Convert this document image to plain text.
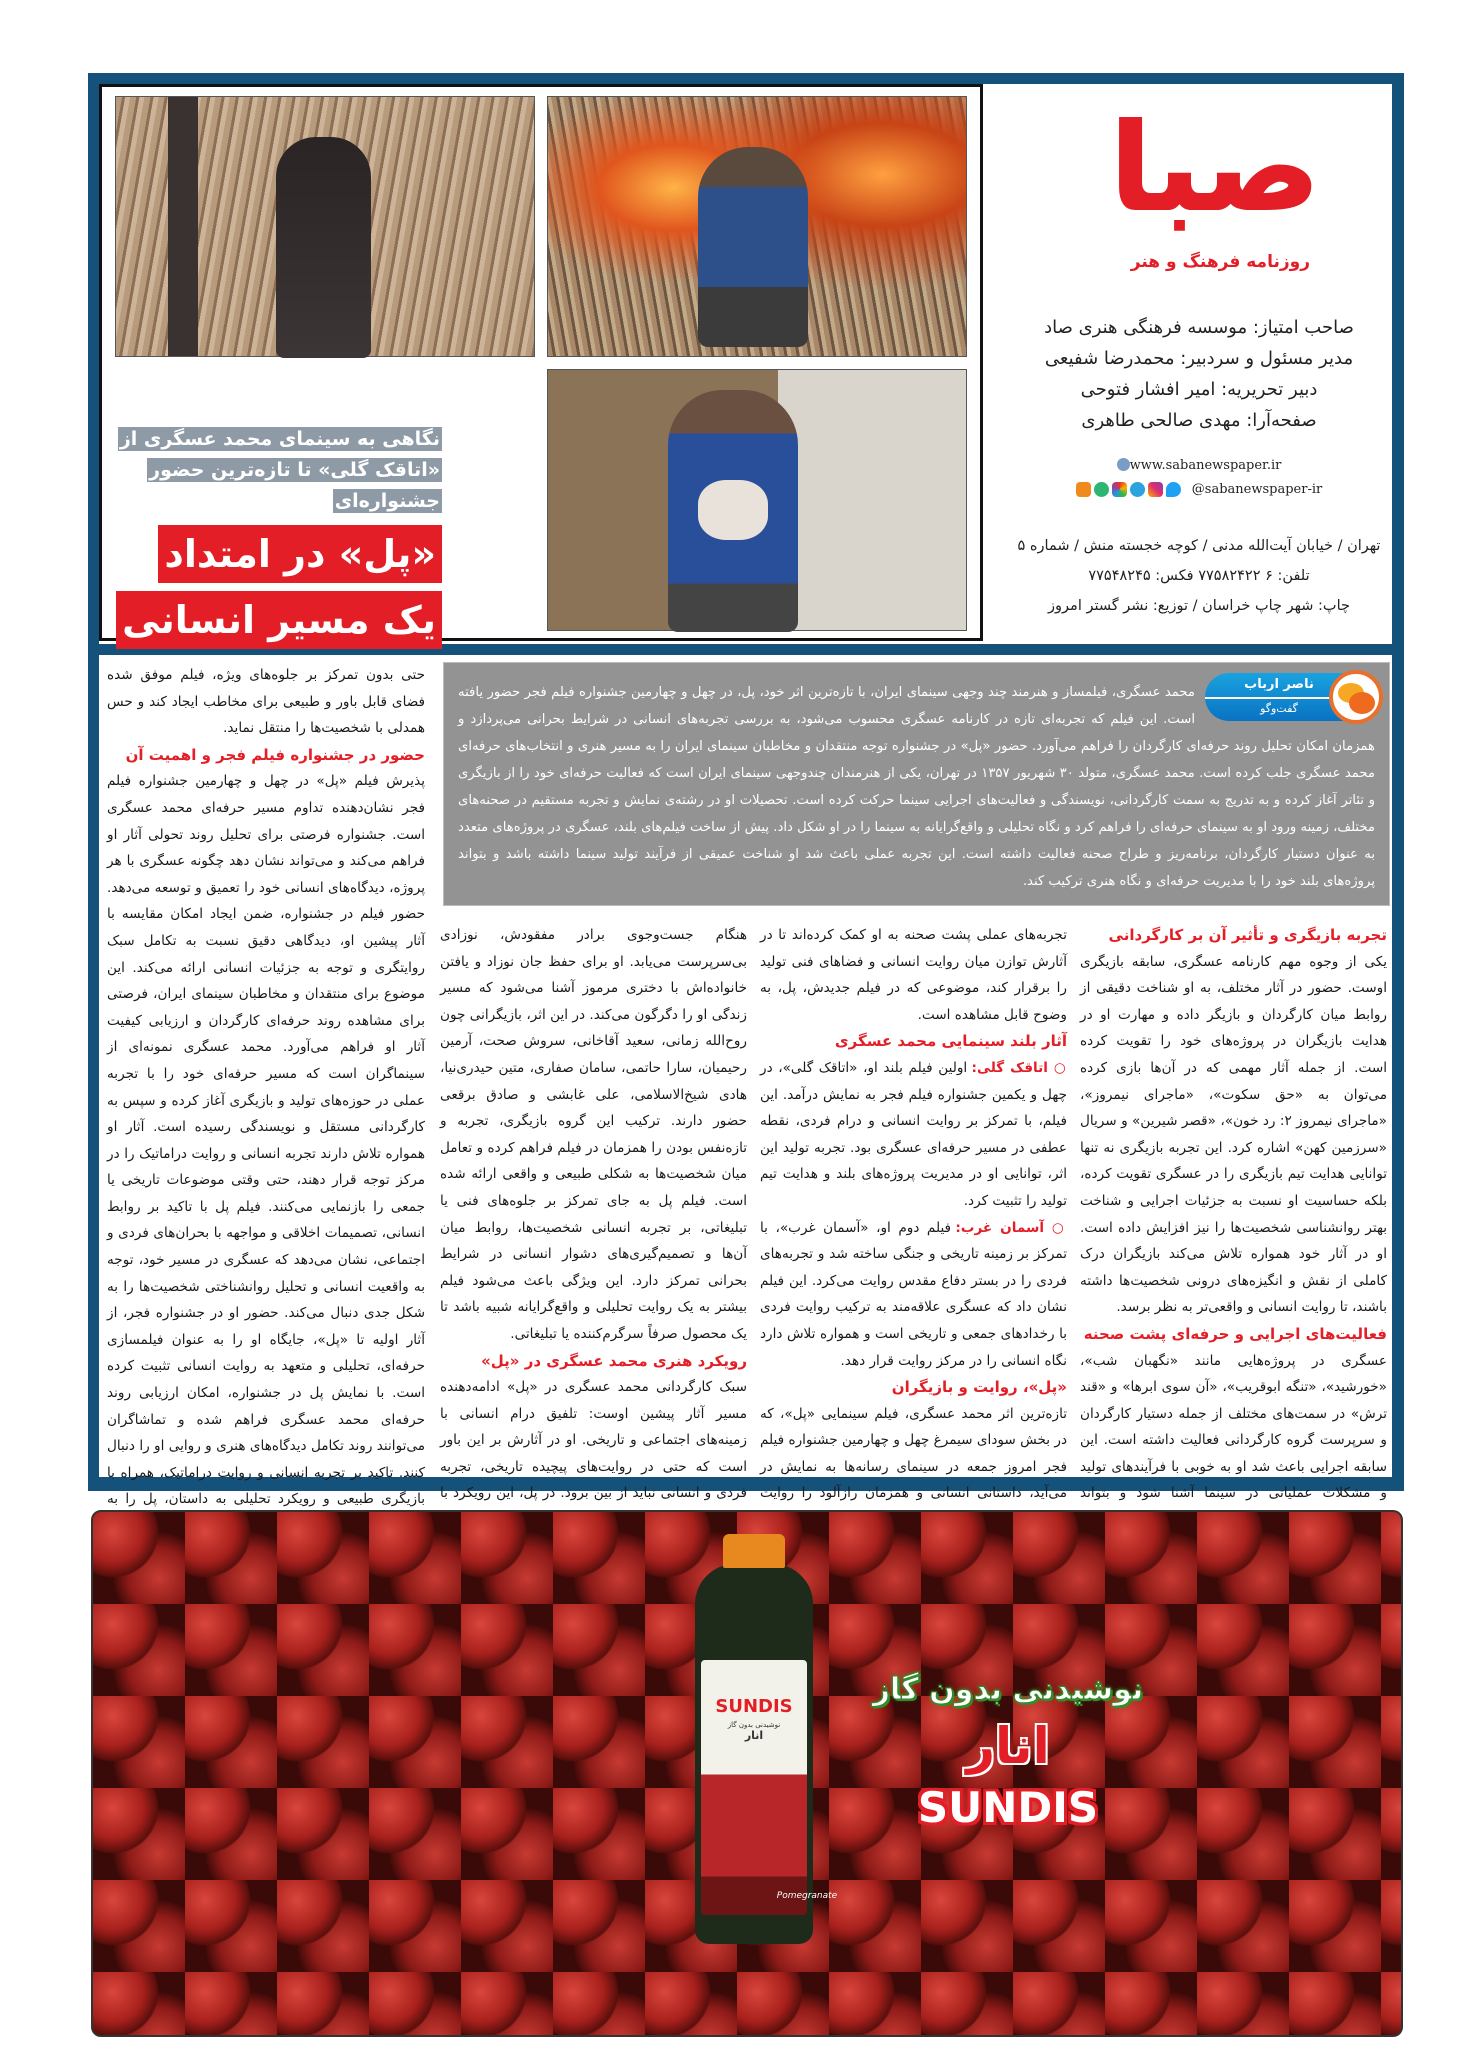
نگاهی به سینمای محمد عسگری از «اتاقک گلی» تا تازه‌ترین حضور جشنواره‌ای
«پل» در امتداد
یک مسیر انسانی
صبا
روزنامه فرهنگ و هنر
صاحب امتیاز: موسسه فرهنگی هنری صاد
مدیر مسئول و سردبیر: محمدرضا شفیعی
دبیر تحریریه: امیر افشار فتوحی
صفحه‌آرا: مهدی صالحی طاهری
www.sabanewspaper.ir
@sabanewspaper-ir
تهران / خیابان آیت‌الله مدنی / کوچه خجسته منش / شماره ۵
تلفن: ۶ ۷۷۵۸۲۴۲۲ فکس: ۷۷۵۴۸۲۴۵
چاپ: شهر چاپ خراسان / توزیع: نشر گستر امروز
ناصر ارباب
گفت‌وگو
محمد عسگری، فیلمساز و هنرمند چند وجهی سینمای ایران، با تازه‌ترین اثر خود، پل، در چهل و چهارمین جشنواره فیلم فجر حضور یافته است. این فیلم که تجربه‌ای تازه در کارنامه عسگری محسوب می‌شود، به بررسی تجربه‌های انسانی در شرایط بحرانی می‌پردازد و همزمان امکان تحلیل روند حرفه‌ای کارگردان را فراهم می‌آورد. حضور «پل» در جشنواره توجه منتقدان و مخاطبان سینمای ایران را به مسیر هنری و انتخاب‌های حرفه‌ای محمد عسگری جلب کرده است. محمد عسگری، متولد ۳۰ شهریور ۱۳۵۷ در تهران، یکی از هنرمندان چندوجهی سینمای ایران است که فعالیت حرفه‌ای خود را از بازیگری و تئاتر آغاز کرده و به تدریج به سمت کارگردانی، نویسندگی و فعالیت‌های اجرایی سینما حرکت کرده است. تحصیلات او در رشته‌ی نمایش و تجربه مستقیم در صحنه‌های مختلف، زمینه ورود او به سینمای حرفه‌ای را فراهم کرد و نگاه تحلیلی و واقع‌گرایانه به سینما را در او شکل داد. پیش از ساخت فیلم‌های بلند، عسگری در پروژه‌های متعدد به عنوان دستیار کارگردان، برنامه‌ریز و طراح صحنه فعالیت داشته است. این تجربه عملی باعث شد او شناخت عمیقی از فرآیند تولید سینما داشته باشد و بتواند پروژه‌های بلند خود را با مدیریت حرفه‌ای و نگاه هنری ترکیب کند.
تجربه بازیگری و تأثیر آن بر کارگردانی

یکی از وجوه مهم کارنامه عسگری، سابقه بازیگری اوست. حضور در آثار مختلف، به او شناخت دقیقی از روابط میان کارگردان و بازیگر داده و مهارت او در هدایت بازیگران در پروژه‌های خود را تقویت کرده است. از جمله آثار مهمی که در آن‌ها بازی کرده می‌توان به «حق سکوت»، «ماجرای نیمروز»، «ماجرای نیمروز ۲: رد خون»، «قصر شیرین» و سریال «سرزمین کهن» اشاره کرد. این تجربه بازیگری نه تنها توانایی هدایت تیم بازیگری را در عسگری تقویت کرده، بلکه حساسیت او نسبت به جزئیات اجرایی و شناخت بهتر روانشناسی شخصیت‌ها را نیز افزایش داده است. او در آثار خود همواره تلاش می‌کند بازیگران درک کاملی از نقش و انگیزه‌های درونی شخصیت‌ها داشته باشند، تا روایت انسانی و واقعی‌تر به نظر برسد.

فعالیت‌های اجرایی و حرفه‌ای پشت صحنه

عسگری در پروژه‌هایی مانند «نگهبان شب»، «خورشید»، «تنگه ابوقریب»، «آن سوی ابرها» و «قند ترش» در سمت‌های مختلف از جمله دستیار کارگردان و سرپرست گروه کارگردانی فعالیت داشته است. این سابقه اجرایی باعث شد او به خوبی با فرآیندهای تولید و مشکلات عملیاتی در سینما آشنا شود و بتواند

تجربه‌های عملی پشت صحنه به او کمک کرده‌اند تا در آثارش توازن میان روایت انسانی و فضاهای فنی تولید را برقرار کند، موضوعی که در فیلم جدیدش، پل، به وضوح قابل مشاهده است.

آثار بلند سینمایی محمد عسگری

○ اتاقک گلی: اولین فیلم بلند او، «اتاقک گلی»، در چهل و یکمین جشنواره فیلم فجر به نمایش درآمد. این فیلم، با تمرکز بر روایت انسانی و درام فردی، نقطه عطفی در مسیر حرفه‌ای عسگری بود. تجربه تولید این اثر، توانایی او در مدیریت پروژه‌های بلند و هدایت تیم تولید را تثبیت کرد.

○ آسمان غرب: فیلم دوم او، «آسمان غرب»، با تمرکز بر زمینه تاریخی و جنگی ساخته شد و تجربه‌های فردی را در بستر دفاع مقدس روایت می‌کرد. این فیلم نشان داد که عسگری علاقه‌مند به ترکیب روایت فردی با رخدادهای جمعی و تاریخی است و همواره تلاش دارد نگاه انسانی را در مرکز روایت قرار دهد.

«پل»، روایت و بازیگران

تازه‌ترین اثر محمد عسگری، فیلم سینمایی «پل»، که در بخش سودای سیمرغ چهل و چهارمین جشنواره فیلم فجر امروز جمعه در سینمای رسانه‌ها به نمایش در می‌آید، داستانی انسانی و همزمان رازآلود را روایت

هنگام جست‌وجوی برادر مفقودش، نوزادی بی‌سرپرست می‌یابد. او برای حفظ جان نوزاد و یافتن خانواده‌اش با دختری مرموز آشنا می‌شود که مسیر زندگی او را دگرگون می‌کند. در این اثر، بازیگرانی چون روح‌الله زمانی، سعید آقاخانی، سروش صحت، آرمین رحیمیان، سارا حاتمی، سامان صفاری، متین حیدری‌نیا، هادی شیخ‌الاسلامی، علی غابشی و صادق برقعی حضور دارند. ترکیب این گروه بازیگری، تجربه و تازه‌نفس بودن را همزمان در فیلم فراهم کرده و تعامل میان شخصیت‌ها به شکلی طبیعی و واقعی ارائه شده است. فیلم پل به جای تمرکز بر جلوه‌های فنی یا تبلیغاتی، بر تجربه انسانی شخصیت‌ها، روابط میان آن‌ها و تصمیم‌گیری‌های دشوار انسانی در شرایط بحرانی تمرکز دارد. این ویژگی باعث می‌شود فیلم بیشتر به یک روایت تحلیلی و واقع‌گرایانه شبیه باشد تا یک محصول صرفاً سرگرم‌کننده یا تبلیغاتی.

رویکرد هنری محمد عسگری در «پل»

سبک کارگردانی محمد عسگری در «پل» ادامه‌دهنده مسیر آثار پیشین اوست: تلفیق درام انسانی با زمینه‌های اجتماعی و تاریخی. او در آثارش بر این باور است که حتی در روایت‌های پیچیده تاریخی، تجربه فردی و انسانی نباید از بین برود. در پل، این رویکرد با

حتی بدون تمرکز بر جلوه‌های ویژه، فیلم موفق شده فضای قابل باور و طبیعی برای مخاطب ایجاد کند و حس همدلی با شخصیت‌ها را منتقل نماید.

حضور در جشنواره فیلم فجر و اهمیت آن

پذیرش فیلم «پل» در چهل و چهارمین جشنواره فیلم فجر نشان‌دهنده تداوم مسیر حرفه‌ای محمد عسگری است. جشنواره فرصتی برای تحلیل روند تحولی آثار او فراهم می‌کند و می‌تواند نشان دهد چگونه عسگری با هر پروژه، دیدگاه‌های انسانی خود را تعمیق و توسعه می‌دهد. حضور فیلم در جشنواره، ضمن ایجاد امکان مقایسه با آثار پیشین او، دیدگاهی دقیق نسبت به تکامل سبک روایتگری و توجه به جزئیات انسانی ارائه می‌کند. این موضوع برای منتقدان و مخاطبان سینمای ایران، فرصتی برای مشاهده روند حرفه‌ای کارگردان و ارزیابی کیفیت آثار او فراهم می‌آورد. محمد عسگری نمونه‌ای از سینماگران است که مسیر حرفه‌ای خود را با تجربه عملی در حوزه‌های تولید و بازیگری آغاز کرده و سپس به کارگردانی مستقل و نویسندگی رسیده است. آثار او همواره تلاش دارند تجربه انسانی و روایت دراماتیک را در مرکز توجه قرار دهند، حتی وقتی موضوعات تاریخی یا جمعی را بازنمایی می‌کنند. فیلم پل با تاکید بر روابط انسانی، تصمیمات اخلاقی و مواجهه با بحران‌های فردی و اجتماعی، نشان می‌دهد که عسگری در مسیر خود، توجه به واقعیت انسانی و تحلیل روانشناختی شخصیت‌ها را به شکل جدی دنبال می‌کند. حضور او در جشنواره فجر، از آثار اولیه تا «پل»، جایگاه او را به عنوان فیلمسازی حرفه‌ای، تحلیلی و متعهد به روایت انسانی تثبیت کرده است. با نمایش پل در جشنواره، امکان ارزیابی روند حرفه‌ای محمد عسگری فراهم شده و تماشاگران می‌توانند روند تکامل دیدگاه‌های هنری و روایی او را دنبال کنند. تاکید بر تجربه انسانی و روایت دراماتیک، همراه با بازیگری طبیعی و رویکرد تحلیلی به داستان، پل را به

SUNDIS
نوشیدنی بدون گاز
انار
Pomegranate
نوشیدنی بدون گاز
انار
SUNDIS
